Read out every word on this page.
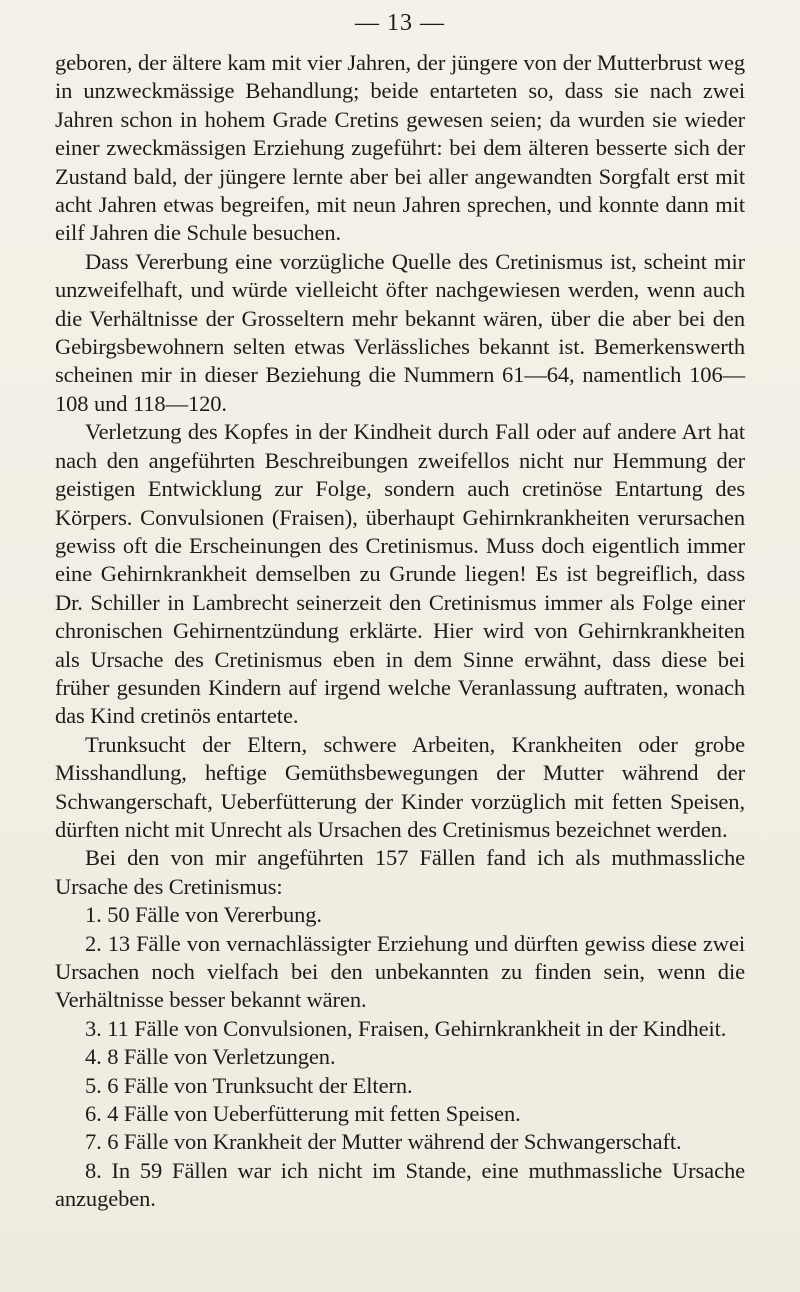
— 13 —

geboren, der ältere kam mit vier Jahren, der jüngere von der Mutterbrust weg in unzweckmässige Behandlung; beide entarteten so, dass sie nach zwei Jahren schon in hohem Grade Cretins gewesen seien; da wurden sie wieder einer zweckmässigen Erziehung zugeführt: bei dem älteren besserte sich der Zustand bald, der jüngere lernte aber bei aller angewandten Sorgfalt erst mit acht Jahren etwas begreifen, mit neun Jahren sprechen, und konnte dann mit eilf Jahren die Schule besuchen.

Dass Vererbung eine vorzügliche Quelle des Cretinismus ist, scheint mir unzweifelhaft, und würde vielleicht öfter nachgewiesen werden, wenn auch die Verhältnisse der Grosseltern mehr bekannt wären, über die aber bei den Gebirgsbewohnern selten etwas Verlässliches bekannt ist. Bemerkenswerth scheinen mir in dieser Beziehung die Nummern 61—64, namentlich 106—108 und 118—120.

Verletzung des Kopfes in der Kindheit durch Fall oder auf andere Art hat nach den angeführten Beschreibungen zweifellos nicht nur Hemmung der geistigen Entwicklung zur Folge, sondern auch cretinöse Entartung des Körpers. Convulsionen (Fraisen), überhaupt Gehirnkrankheiten verursachen gewiss oft die Erscheinungen des Cretinismus. Muss doch eigentlich immer eine Gehirnkrankheit demselben zu Grunde liegen! Es ist begreiflich, dass Dr. Schiller in Lambrecht seinerzeit den Cretinismus immer als Folge einer chronischen Gehirnentzündung erklärte. Hier wird von Gehirnkrankheiten als Ursache des Cretinismus eben in dem Sinne erwähnt, dass diese bei früher gesunden Kindern auf irgend welche Veranlassung auftraten, wonach das Kind cretinös entartete.

Trunksucht der Eltern, schwere Arbeiten, Krankheiten oder grobe Misshandlung, heftige Gemüthsbewegungen der Mutter während der Schwangerschaft, Ueberfütterung der Kinder vorzüglich mit fetten Speisen, dürften nicht mit Unrecht als Ursachen des Cretinismus bezeichnet werden.

Bei den von mir angeführten 157 Fällen fand ich als muthmassliche Ursache des Cretinismus:

1. 50 Fälle von Vererbung.

2. 13 Fälle von vernachlässigter Erziehung und dürften gewiss diese zwei Ursachen noch vielfach bei den unbekannten zu finden sein, wenn die Verhältnisse besser bekannt wären.

3. 11 Fälle von Convulsionen, Fraisen, Gehirnkrankheit in der Kindheit.

4. 8 Fälle von Verletzungen.

5. 6 Fälle von Trunksucht der Eltern.

6. 4 Fälle von Ueberfütterung mit fetten Speisen.

7. 6 Fälle von Krankheit der Mutter während der Schwangerschaft.

8. In 59 Fällen war ich nicht im Stande, eine muthmassliche Ursache anzugeben.
